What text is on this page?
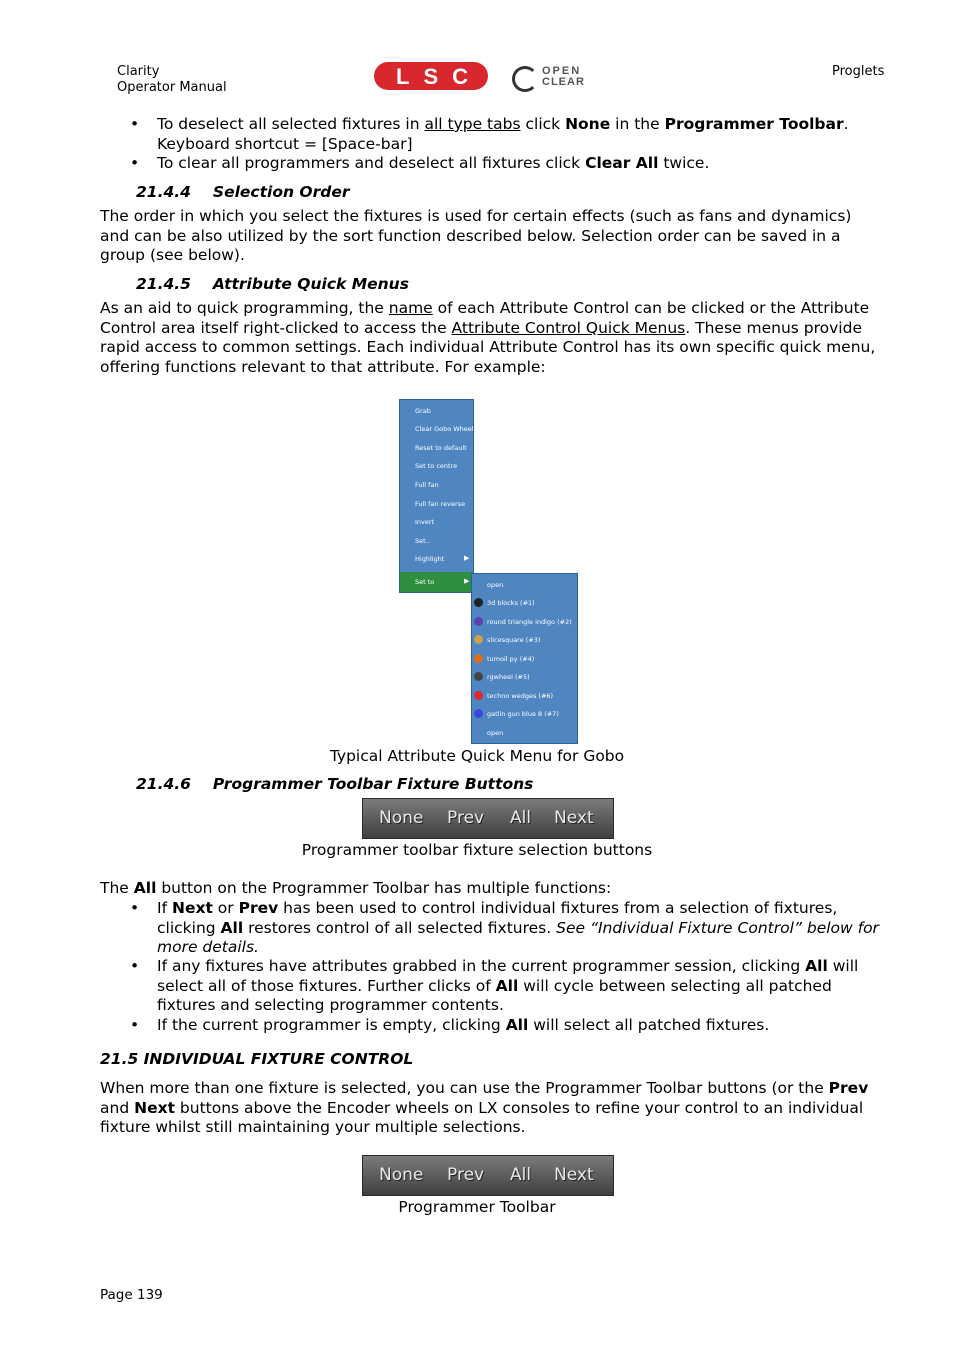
Clarity
Operator Manual
Proglets
LSC	OPEN
CLEAR
• To deselect all selected fixtures in all type tabs click None in the Programmer Toolbar. Keyboard shortcut = [Space-bar]
• To clear all programmers and deselect all fixtures click Clear All twice.
21.4.4 Selection Order
The order in which you select the fixtures is used for certain effects (such as fans and dynamics) and can be also utilized by the sort function described below. Selection order can be saved in a group (see below).
21.4.5 Attribute Quick Menus
As an aid to quick programming, the name of each Attribute Control can be clicked or the Attribute Control area itself right-clicked to access the Attribute Control Quick Menus. These menus provide rapid access to common settings. Each individual Attribute Control has its own specific quick menu, offering functions relevant to that attribute. For example:
Grab
Clear Gobo Wheel
Reset to default
Set to centre
Full fan
Full fan reverse
Invert
Set..
Highlight	▶
Set to	▶	open
3d blocks (#1)
round triangle indigo (#2)
slicesquare (#3)
tumoil py (#4)
rgwheel (#5)
techno wedges (#6)
gatlin gun blue 8 (#7)
open
Typical Attribute Quick Menu for Gobo
21.4.6 Programmer Toolbar Fixture Buttons
None Prev All Next
Programmer toolbar fixture selection buttons
The All button on the Programmer Toolbar has multiple functions:
• If Next or Prev has been used to control individual fixtures from a selection of fixtures, clicking All restores control of all selected fixtures. See “Individual Fixture Control” below for more details.
• If any fixtures have attributes grabbed in the current programmer session, clicking All will select all of those fixtures. Further clicks of All will cycle between selecting all patched fixtures and selecting programmer contents.
• If the current programmer is empty, clicking All will select all patched fixtures.
21.5 INDIVIDUAL FIXTURE CONTROL
When more than one fixture is selected, you can use the Programmer Toolbar buttons (or the Prev and Next buttons above the Encoder wheels on LX consoles to refine your control to an individual fixture whilst still maintaining your multiple selections.
None Prev All Next
Programmer Toolbar
Page 139
